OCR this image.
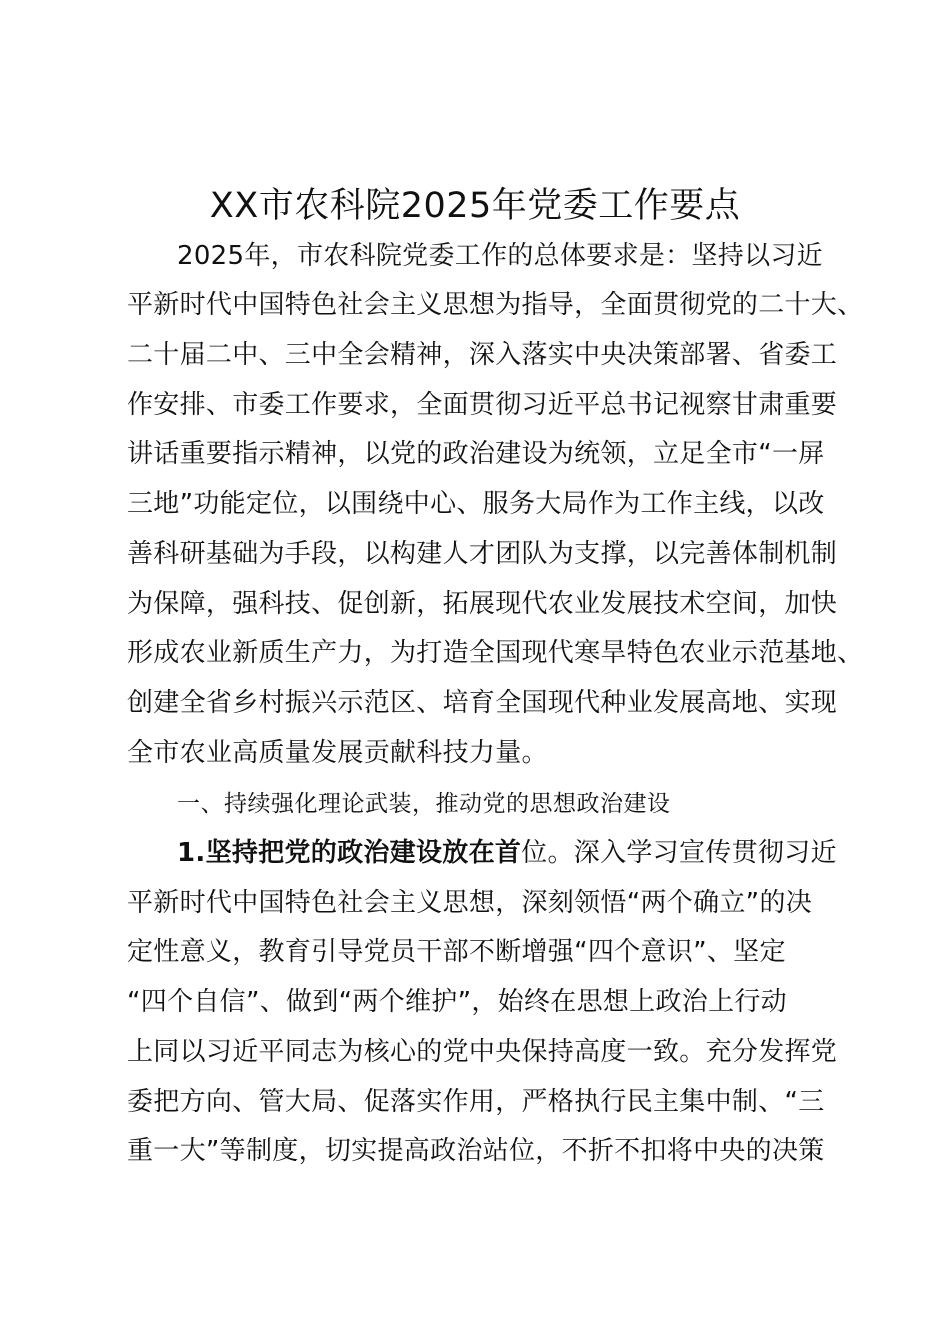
XX市农科院2025年党委工作要点
2025年，市农科院党委工作的总体要求是：坚持以习近
平新时代中国特色社会主义思想为指导，全面贯彻党的二十大、
二十届二中、三中全会精神，深入落实中央决策部署、省委工
作安排、市委工作要求，全面贯彻习近平总书记视察甘肃重要
讲话重要指示精神，以党的政治建设为统领，立足全市“一屏
三地”功能定位，以围绕中心、服务大局作为工作主线，以改
善科研基础为手段，以构建人才团队为支撑，以完善体制机制
为保障，强科技、促创新，拓展现代农业发展技术空间，加快
形成农业新质生产力，为打造全国现代寒旱特色农业示范基地、
创建全省乡村振兴示范区、培育全国现代种业发展高地、实现
全市农业高质量发展贡献科技力量。
一、持续强化理论武装，推动党的思想政治建设
1.坚持把党的政治建设放在首位。深入学习宣传贯彻习近
平新时代中国特色社会主义思想，深刻领悟“两个确立”的决
定性意义，教育引导党员干部不断增强“四个意识”、坚定
“四个自信”、做到“两个维护”，始终在思想上政治上行动
上同以习近平同志为核心的党中央保持高度一致。充分发挥党
委把方向、管大局、促落实作用，严格执行民主集中制、“三
重一大”等制度，切实提高政治站位，不折不扣将中央的决策
